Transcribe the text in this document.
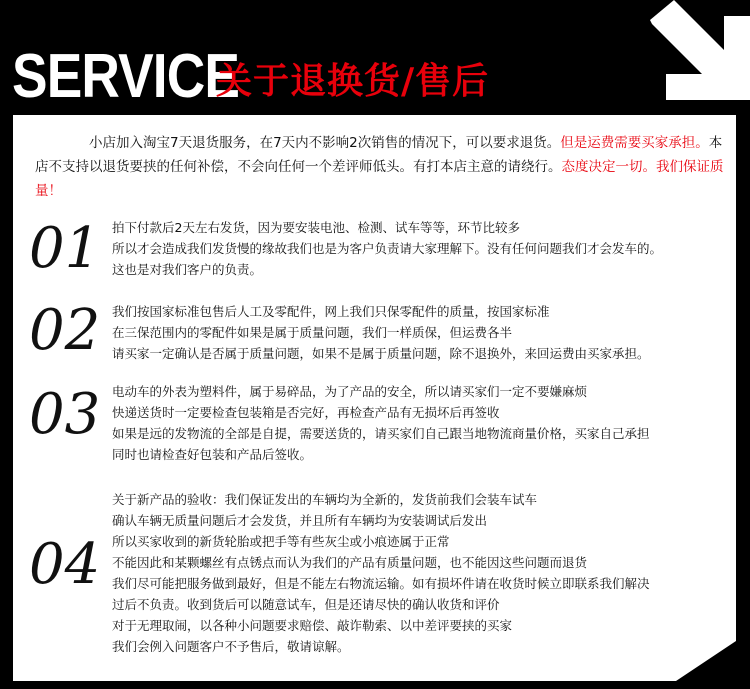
SERVICE
关于退换货/售后
小店加入淘宝7天退货服务，在7天内不影响2次销售的情况下，可以要求退货。但是运费需要买家承担。本店不支持以退货要挟的任何补偿，不会向任何一个差评师低头。有打本店主意的请绕行。态度决定一切。我们保证质量！
01 拍下付款后2天左右发货，因为要安装电池、检测、试车等等，环节比较多
所以才会造成我们发货慢的缘故我们也是为客户负责请大家理解下。没有任何问题我们才会发车的。
这也是对我们客户的负责。
02 我们按国家标准包售后人工及零配件，网上我们只保零配件的质量，按国家标准
在三保范围内的零配件如果是属于质量问题，我们一样质保，但运费各半
请买家一定确认是否属于质量问题，如果不是属于质量问题，除不退换外，来回运费由买家承担。
03 电动车的外表为塑料件，属于易碎品，为了产品的安全，所以请买家们一定不要嫌麻烦
快递送货时一定要检查包装箱是否完好，再检查产品有无损坏后再签收
如果是远的发物流的全部是自提，需要送货的，请买家们自己跟当地物流商量价格，买家自己承担
同时也请检查好包装和产品后签收。
04
关于新产品的验收：我们保证发出的车辆均为全新的，发货前我们会装车试车
确认车辆无质量问题后才会发货，并且所有车辆均为安装调试后发出
所以买家收到的新货轮胎或把手等有些灰尘或小痕迹属于正常
不能因此和某颗螺丝有点锈点而认为我们的产品有质量问题，也不能因这些问题而退货
我们尽可能把服务做到最好，但是不能左右物流运输。如有损坏件请在收货时候立即联系我们解决
过后不负责。收到货后可以随意试车，但是还请尽快的确认收货和评价
对于无理取闹，以各种小问题要求赔偿、敲诈勒索、以中差评要挟的买家
我们会例入问题客户不予售后，敬请谅解。
